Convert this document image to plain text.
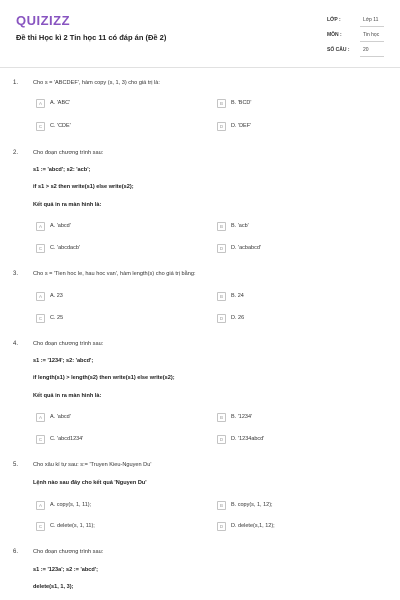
QUIZIZZ
Đề thi Học kì 2 Tin học 11 có đáp án (Đề 2)
LỚP :	Lớp 11
MÔN :	Tin học
SỐ CÂU :	20
1.	Cho s = 'ABCDEF', hàm copy (s, 1, 3) cho giá trị là:
A	A. 'ABC'	B	B. 'BCD'
C	C. 'CDE'	D	D. 'DEF'
2.	Cho đoạn chương trình sau:
s1 := 'abcd'; s2: 'acb';
if s1 > s2 then write(s1) else write(s2);
Kết quả in ra màn hình là:
A	A. 'abcd'	B	B. 'acb'
C	C. 'abcdacb'	D	D. 'acbabcd'
3.	Cho s = 'Tien hoc le, hau hoc van', hàm length(s) cho giá trị bằng:
A	A. 23	B	B. 24
C	C. 25	D	D. 26
4.	Cho đoạn chương trình sau:
s1 := '1234'; s2: 'abcd';
if length(s1) > length(s2) then write(s1) else write(s2);
Kết quả in ra màn hình là:
A	A. 'abcd'	B	B. '1234'
C	C. 'abcd1234'	D	D. '1234abcd'
5.	Cho xâu kí tự sau: s:= 'Truyen Kieu-Nguyen Du'
Lệnh nào sau đây cho kết quả 'Nguyen Du'
A	A. copy(s, 1, 11);	B	B. copy(s, 1, 12);
C	C. delete(s, 1, 11);	D	D. delete(s,1, 12);
6.	Cho đoạn chương trình sau:
s1 := '123a'; s2 := 'abcd';
delete(s1, 1, 3);
